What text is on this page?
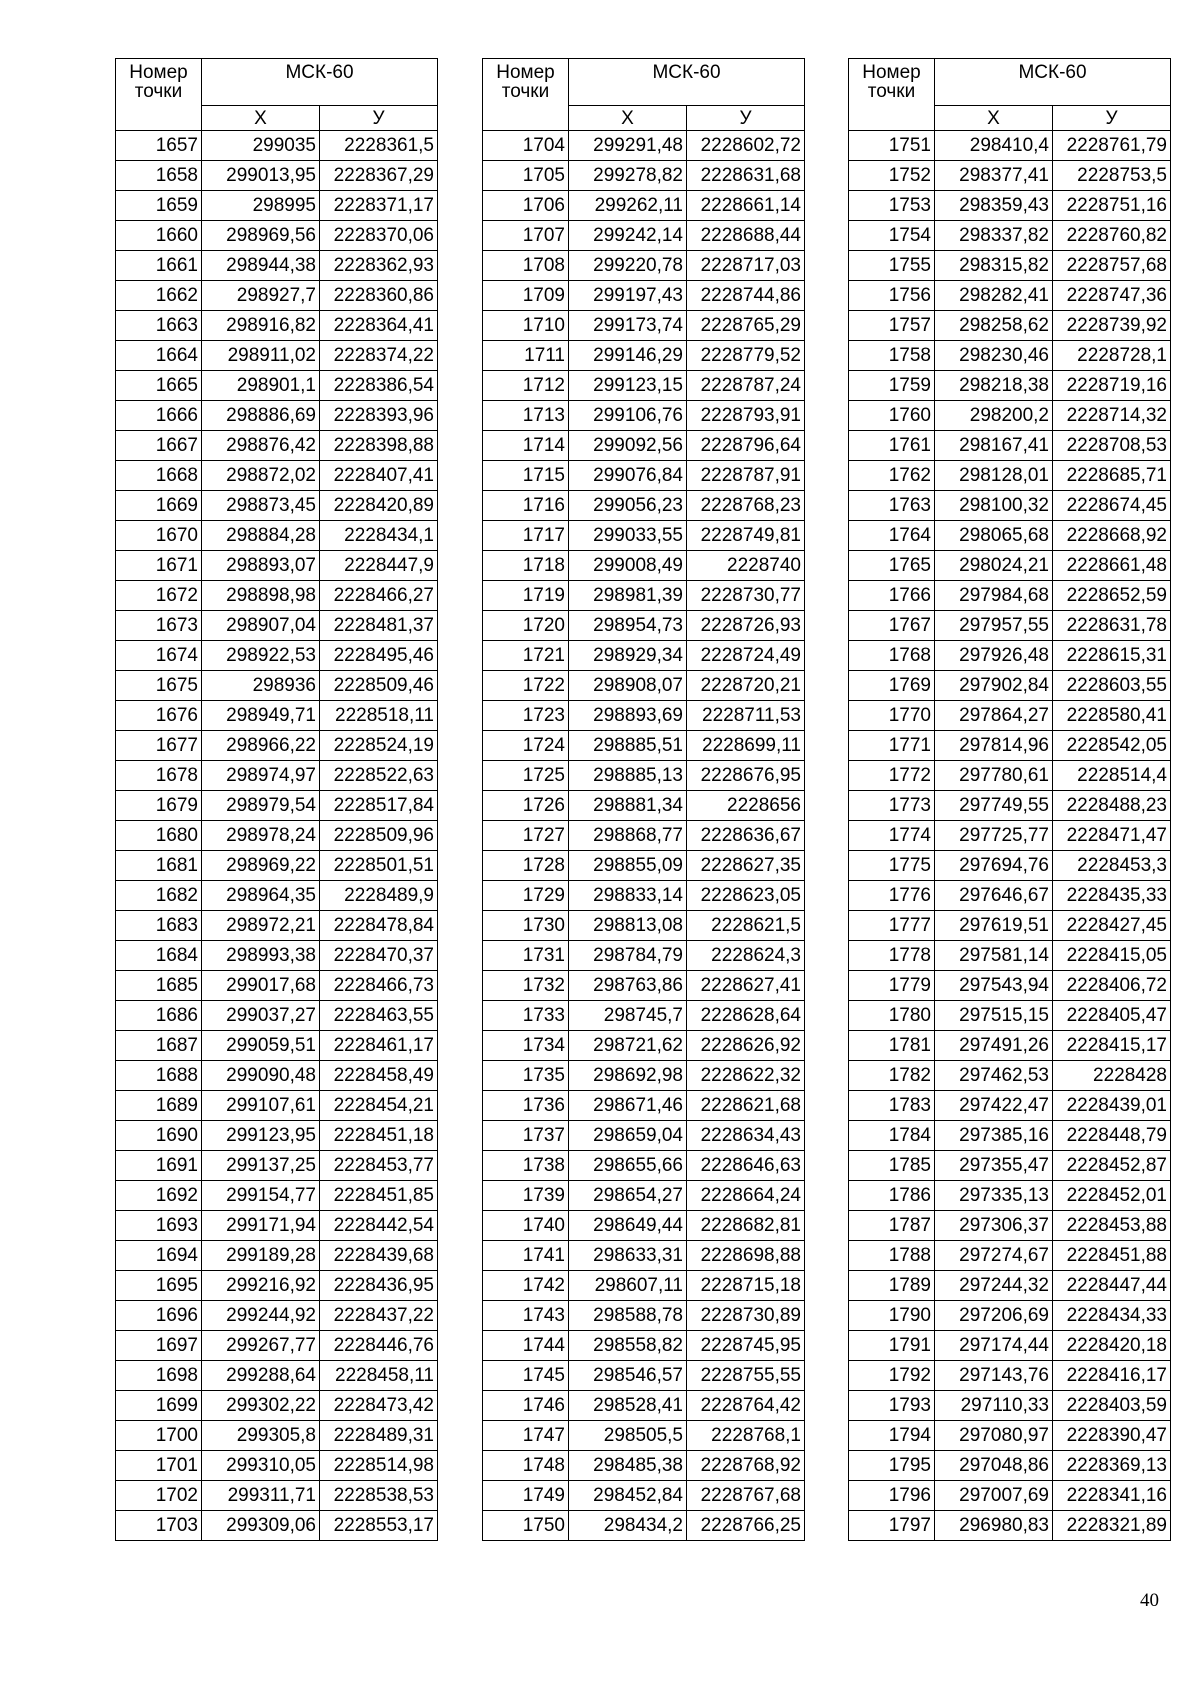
Номер
точки	МСК-60	
	Х	У
1657	299035	2228361,5
1658	299013,95	2228367,29
1659	298995	2228371,17
1660	298969,56	2228370,06
1661	298944,38	2228362,93
1662	298927,7	2228360,86
1663	298916,82	2228364,41
1664	298911,02	2228374,22
1665	298901,1	2228386,54
1666	298886,69	2228393,96
1667	298876,42	2228398,88
1668	298872,02	2228407,41
1669	298873,45	2228420,89
1670	298884,28	2228434,1
1671	298893,07	2228447,9
1672	298898,98	2228466,27
1673	298907,04	2228481,37
1674	298922,53	2228495,46
1675	298936	2228509,46
1676	298949,71	2228518,11
1677	298966,22	2228524,19
1678	298974,97	2228522,63
1679	298979,54	2228517,84
1680	298978,24	2228509,96
1681	298969,22	2228501,51
1682	298964,35	2228489,9
1683	298972,21	2228478,84
1684	298993,38	2228470,37
1685	299017,68	2228466,73
1686	299037,27	2228463,55
1687	299059,51	2228461,17
1688	299090,48	2228458,49
1689	299107,61	2228454,21
1690	299123,95	2228451,18
1691	299137,25	2228453,77
1692	299154,77	2228451,85
1693	299171,94	2228442,54
1694	299189,28	2228439,68
1695	299216,92	2228436,95
1696	299244,92	2228437,22
1697	299267,77	2228446,76
1698	299288,64	2228458,11
1699	299302,22	2228473,42
1700	299305,8	2228489,31
1701	299310,05	2228514,98
1702	299311,71	2228538,53
1703	299309,06	2228553,17
Номер
точки	МСК-60	
	Х	У
1704	299291,48	2228602,72
1705	299278,82	2228631,68
1706	299262,11	2228661,14
1707	299242,14	2228688,44
1708	299220,78	2228717,03
1709	299197,43	2228744,86
1710	299173,74	2228765,29
1711	299146,29	2228779,52
1712	299123,15	2228787,24
1713	299106,76	2228793,91
1714	299092,56	2228796,64
1715	299076,84	2228787,91
1716	299056,23	2228768,23
1717	299033,55	2228749,81
1718	299008,49	2228740
1719	298981,39	2228730,77
1720	298954,73	2228726,93
1721	298929,34	2228724,49
1722	298908,07	2228720,21
1723	298893,69	2228711,53
1724	298885,51	2228699,11
1725	298885,13	2228676,95
1726	298881,34	2228656
1727	298868,77	2228636,67
1728	298855,09	2228627,35
1729	298833,14	2228623,05
1730	298813,08	2228621,5
1731	298784,79	2228624,3
1732	298763,86	2228627,41
1733	298745,7	2228628,64
1734	298721,62	2228626,92
1735	298692,98	2228622,32
1736	298671,46	2228621,68
1737	298659,04	2228634,43
1738	298655,66	2228646,63
1739	298654,27	2228664,24
1740	298649,44	2228682,81
1741	298633,31	2228698,88
1742	298607,11	2228715,18
1743	298588,78	2228730,89
1744	298558,82	2228745,95
1745	298546,57	2228755,55
1746	298528,41	2228764,42
1747	298505,5	2228768,1
1748	298485,38	2228768,92
1749	298452,84	2228767,68
1750	298434,2	2228766,25
Номер
точки	МСК-60	
	Х	У
1751	298410,4	2228761,79
1752	298377,41	2228753,5
1753	298359,43	2228751,16
1754	298337,82	2228760,82
1755	298315,82	2228757,68
1756	298282,41	2228747,36
1757	298258,62	2228739,92
1758	298230,46	2228728,1
1759	298218,38	2228719,16
1760	298200,2	2228714,32
1761	298167,41	2228708,53
1762	298128,01	2228685,71
1763	298100,32	2228674,45
1764	298065,68	2228668,92
1765	298024,21	2228661,48
1766	297984,68	2228652,59
1767	297957,55	2228631,78
1768	297926,48	2228615,31
1769	297902,84	2228603,55
1770	297864,27	2228580,41
1771	297814,96	2228542,05
1772	297780,61	2228514,4
1773	297749,55	2228488,23
1774	297725,77	2228471,47
1775	297694,76	2228453,3
1776	297646,67	2228435,33
1777	297619,51	2228427,45
1778	297581,14	2228415,05
1779	297543,94	2228406,72
1780	297515,15	2228405,47
1781	297491,26	2228415,17
1782	297462,53	2228428
1783	297422,47	2228439,01
1784	297385,16	2228448,79
1785	297355,47	2228452,87
1786	297335,13	2228452,01
1787	297306,37	2228453,88
1788	297274,67	2228451,88
1789	297244,32	2228447,44
1790	297206,69	2228434,33
1791	297174,44	2228420,18
1792	297143,76	2228416,17
1793	297110,33	2228403,59
1794	297080,97	2228390,47
1795	297048,86	2228369,13
1796	297007,69	2228341,16
1797	296980,83	2228321,89
40
